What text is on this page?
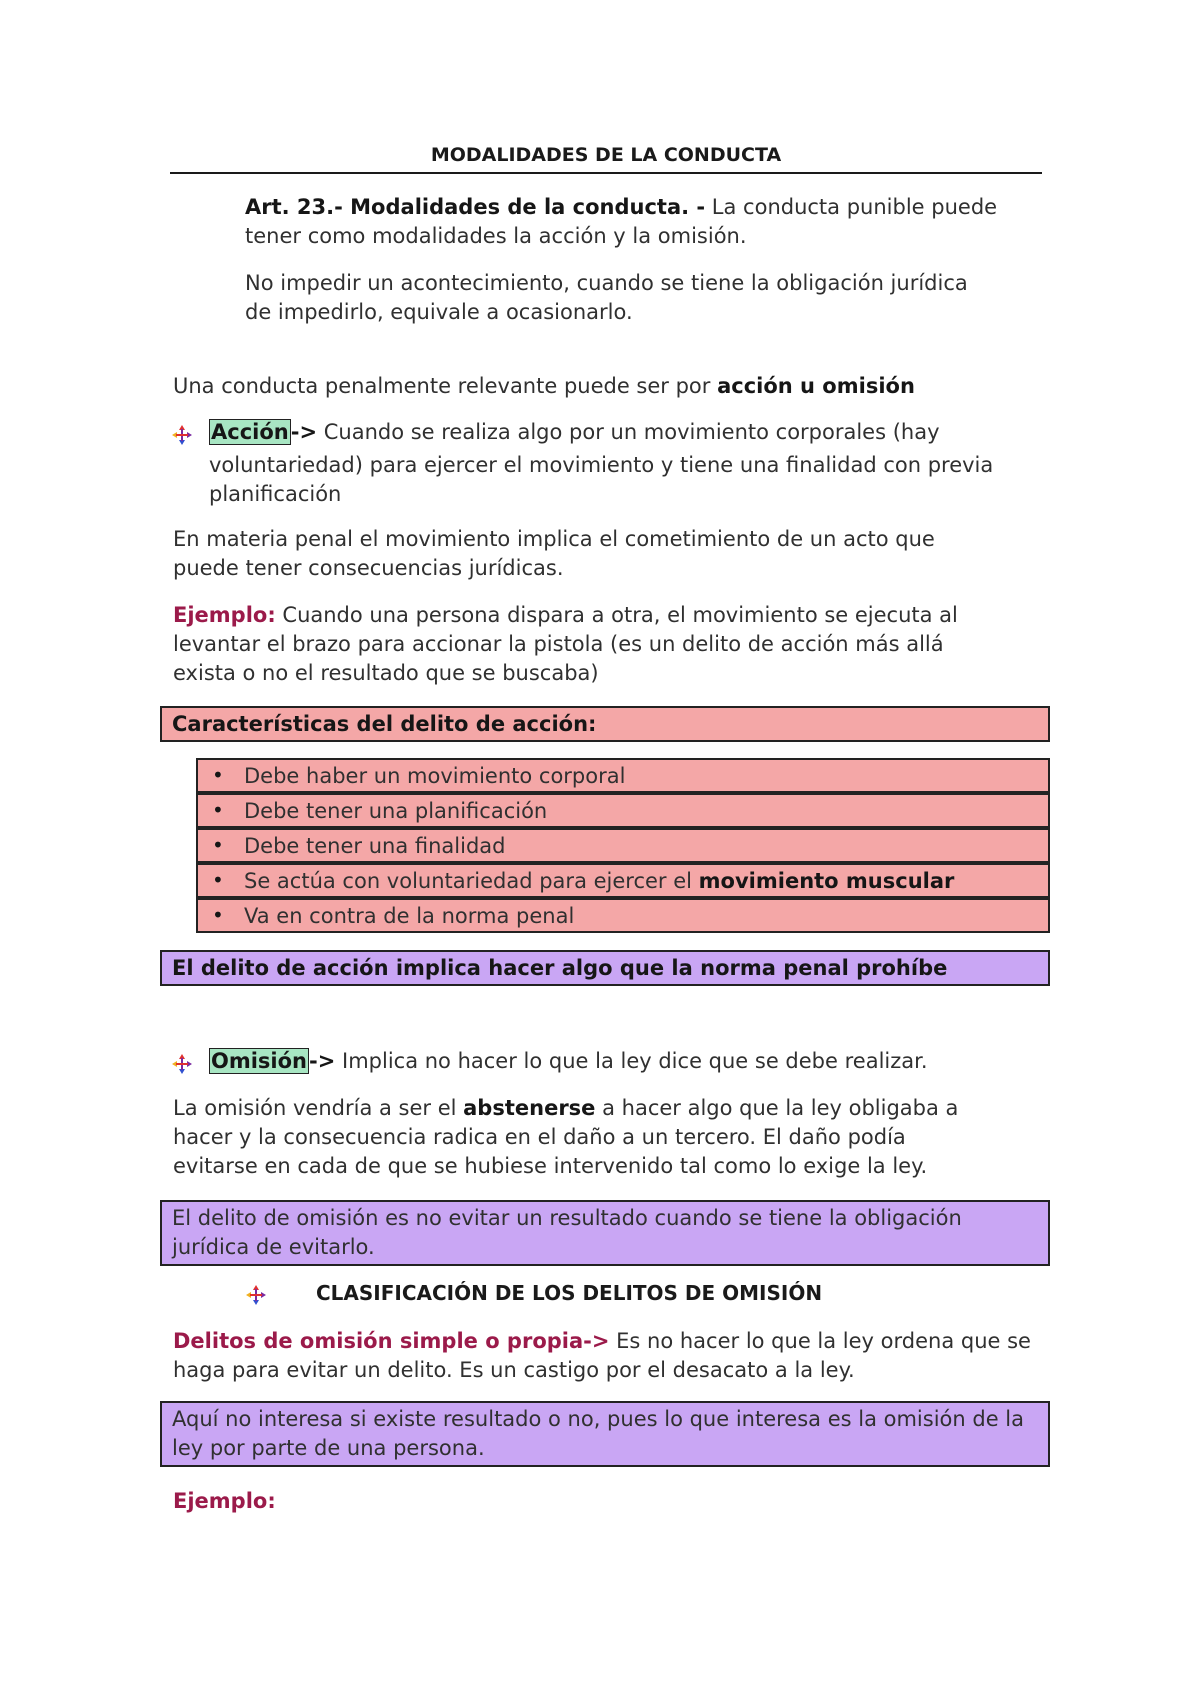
MODALIDADES DE LA CONDUCTA

Art. 23.- Modalidades de la conducta. - La conducta punible puede

tener como modalidades la acción y la omisión.

No impedir un acontecimiento, cuando se tiene la obligación jurídica

de impedirlo, equivale a ocasionarlo.

Una conducta penalmente relevante puede ser por acción u omisión

Acción-> Cuando se realiza algo por un movimiento corporales (hay

voluntariedad) para ejercer el movimiento y tiene una finalidad con previa

planificación

En materia penal el movimiento implica el cometimiento de un acto que

puede tener consecuencias jurídicas.

Ejemplo: Cuando una persona dispara a otra, el movimiento se ejecuta al

levantar el brazo para accionar la pistola (es un delito de acción más allá

exista o no el resultado que se buscaba)

Características del delito de acción:
• Debe haber un movimiento corporal
• Debe tener una planificación
• Debe tener una finalidad
• Se actúa con voluntariedad para ejercer el movimiento muscular
• Va en contra de la norma penal
El delito de acción implica hacer algo que la norma penal prohíbe

Omisión-> Implica no hacer lo que la ley dice que se debe realizar.

La omisión vendría a ser el abstenerse a hacer algo que la ley obligaba a

hacer y la consecuencia radica en el daño a un tercero. El daño podía

evitarse en cada de que se hubiese intervenido tal como lo exige la ley.

El delito de omisión es no evitar un resultado cuando se tiene la obligación
jurídica de evitarlo.
CLASIFICACIÓN DE LOS DELITOS DE OMISIÓN

Delitos de omisión simple o propia-> Es no hacer lo que la ley ordena que se

haga para evitar un delito. Es un castigo por el desacato a la ley.

Aquí no interesa si existe resultado o no, pues lo que interesa es la omisión de la
ley por parte de una persona.

Ejemplo:
